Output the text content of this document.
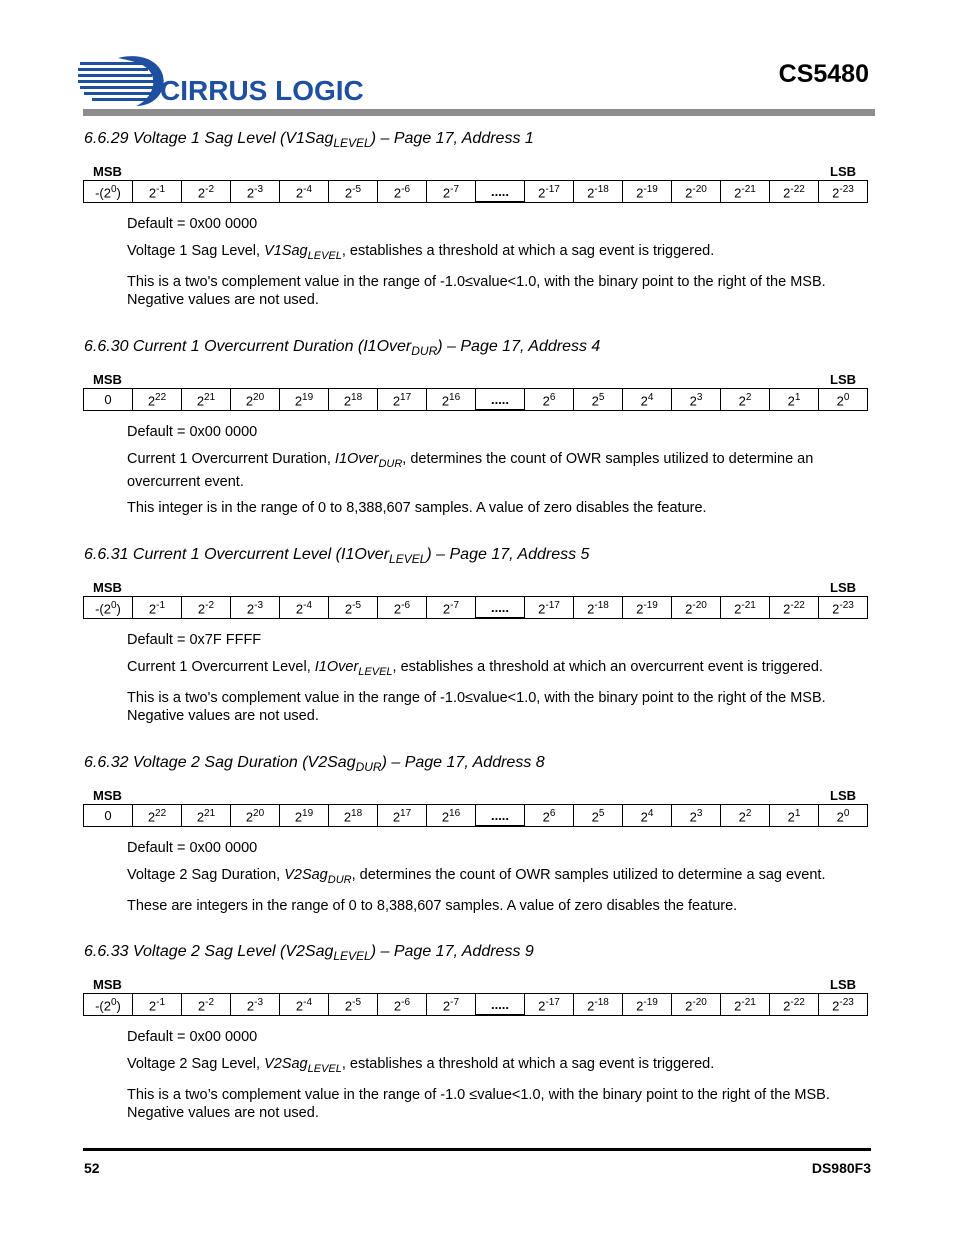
CIRRUS LOGIC
CS5480
6.6.29 Voltage 1 Sag Level (V1Sag$_{LEVEL}$) – Page 17, Address 1
MSB	LSB
$-(2^0)$	$2^{-1}$	$2^{-2}$	$2^{-3}$	$2^{-4}$	$2^{-5}$	$2^{-6}$	$2^{-7}$	.....	$2^{-17}$	$2^{-18}$	$2^{-19}$	$2^{-20}$	$2^{-21}$	$2^{-22}$	$2^{-23}$

Default = 0x00 0000

Voltage 1 Sag Level, V1Sag$_{LEVEL}$, establishes a threshold at which a sag event is triggered.

This is a two's complement value in the range of -1.0≤value<1.0, with the binary point to the right of the MSB. Negative values are not used.

6.6.30 Current 1 Overcurrent Duration (I1Over$_{DUR}$) – Page 17, Address 4
MSB	LSB
0	$2^{22}$	$2^{21}$	$2^{20}$	$2^{19}$	$2^{18}$	$2^{17}$	$2^{16}$	.....	$2^6$	$2^5$	$2^4$	$2^3$	$2^2$	$2^1$	$2^0$

Default = 0x00 0000

Current 1 Overcurrent Duration, I1Over$_{DUR}$, determines the count of OWR samples utilized to determine an overcurrent event.

This integer is in the range of 0 to 8,388,607 samples. A value of zero disables the feature.

6.6.31 Current 1 Overcurrent Level (I1Over$_{LEVEL}$) – Page 17, Address 5
MSB	LSB
$-(2^0)$	$2^{-1}$	$2^{-2}$	$2^{-3}$	$2^{-4}$	$2^{-5}$	$2^{-6}$	$2^{-7}$	.....	$2^{-17}$	$2^{-18}$	$2^{-19}$	$2^{-20}$	$2^{-21}$	$2^{-22}$	$2^{-23}$

Default = 0x7F FFFF

Current 1 Overcurrent Level, I1Over$_{LEVEL}$, establishes a threshold at which an overcurrent event is triggered.

This is a two's complement value in the range of -1.0≤value<1.0, with the binary point to the right of the MSB. Negative values are not used.

6.6.32 Voltage 2 Sag Duration (V2Sag$_{DUR}$) – Page 17, Address 8
MSB	LSB
0	$2^{22}$	$2^{21}$	$2^{20}$	$2^{19}$	$2^{18}$	$2^{17}$	$2^{16}$	.....	$2^6$	$2^5$	$2^4$	$2^3$	$2^2$	$2^1$	$2^0$

Default = 0x00 0000

Voltage 2 Sag Duration, V2Sag$_{DUR}$, determines the count of OWR samples utilized to determine a sag event.

These are integers in the range of 0 to 8,388,607 samples. A value of zero disables the feature.

6.6.33 Voltage 2 Sag Level (V2Sag$_{LEVEL}$) – Page 17, Address 9
MSB	LSB
$-(2^0)$	$2^{-1}$	$2^{-2}$	$2^{-3}$	$2^{-4}$	$2^{-5}$	$2^{-6}$	$2^{-7}$	.....	$2^{-17}$	$2^{-18}$	$2^{-19}$	$2^{-20}$	$2^{-21}$	$2^{-22}$	$2^{-23}$

Default = 0x00 0000

Voltage 2 Sag Level, V2Sag$_{LEVEL}$, establishes a threshold at which a sag event is triggered.

This is a two’s complement value in the range of -1.0 ≤value<1.0, with the binary point to the right of the MSB. Negative values are not used.

52	DS980F3
